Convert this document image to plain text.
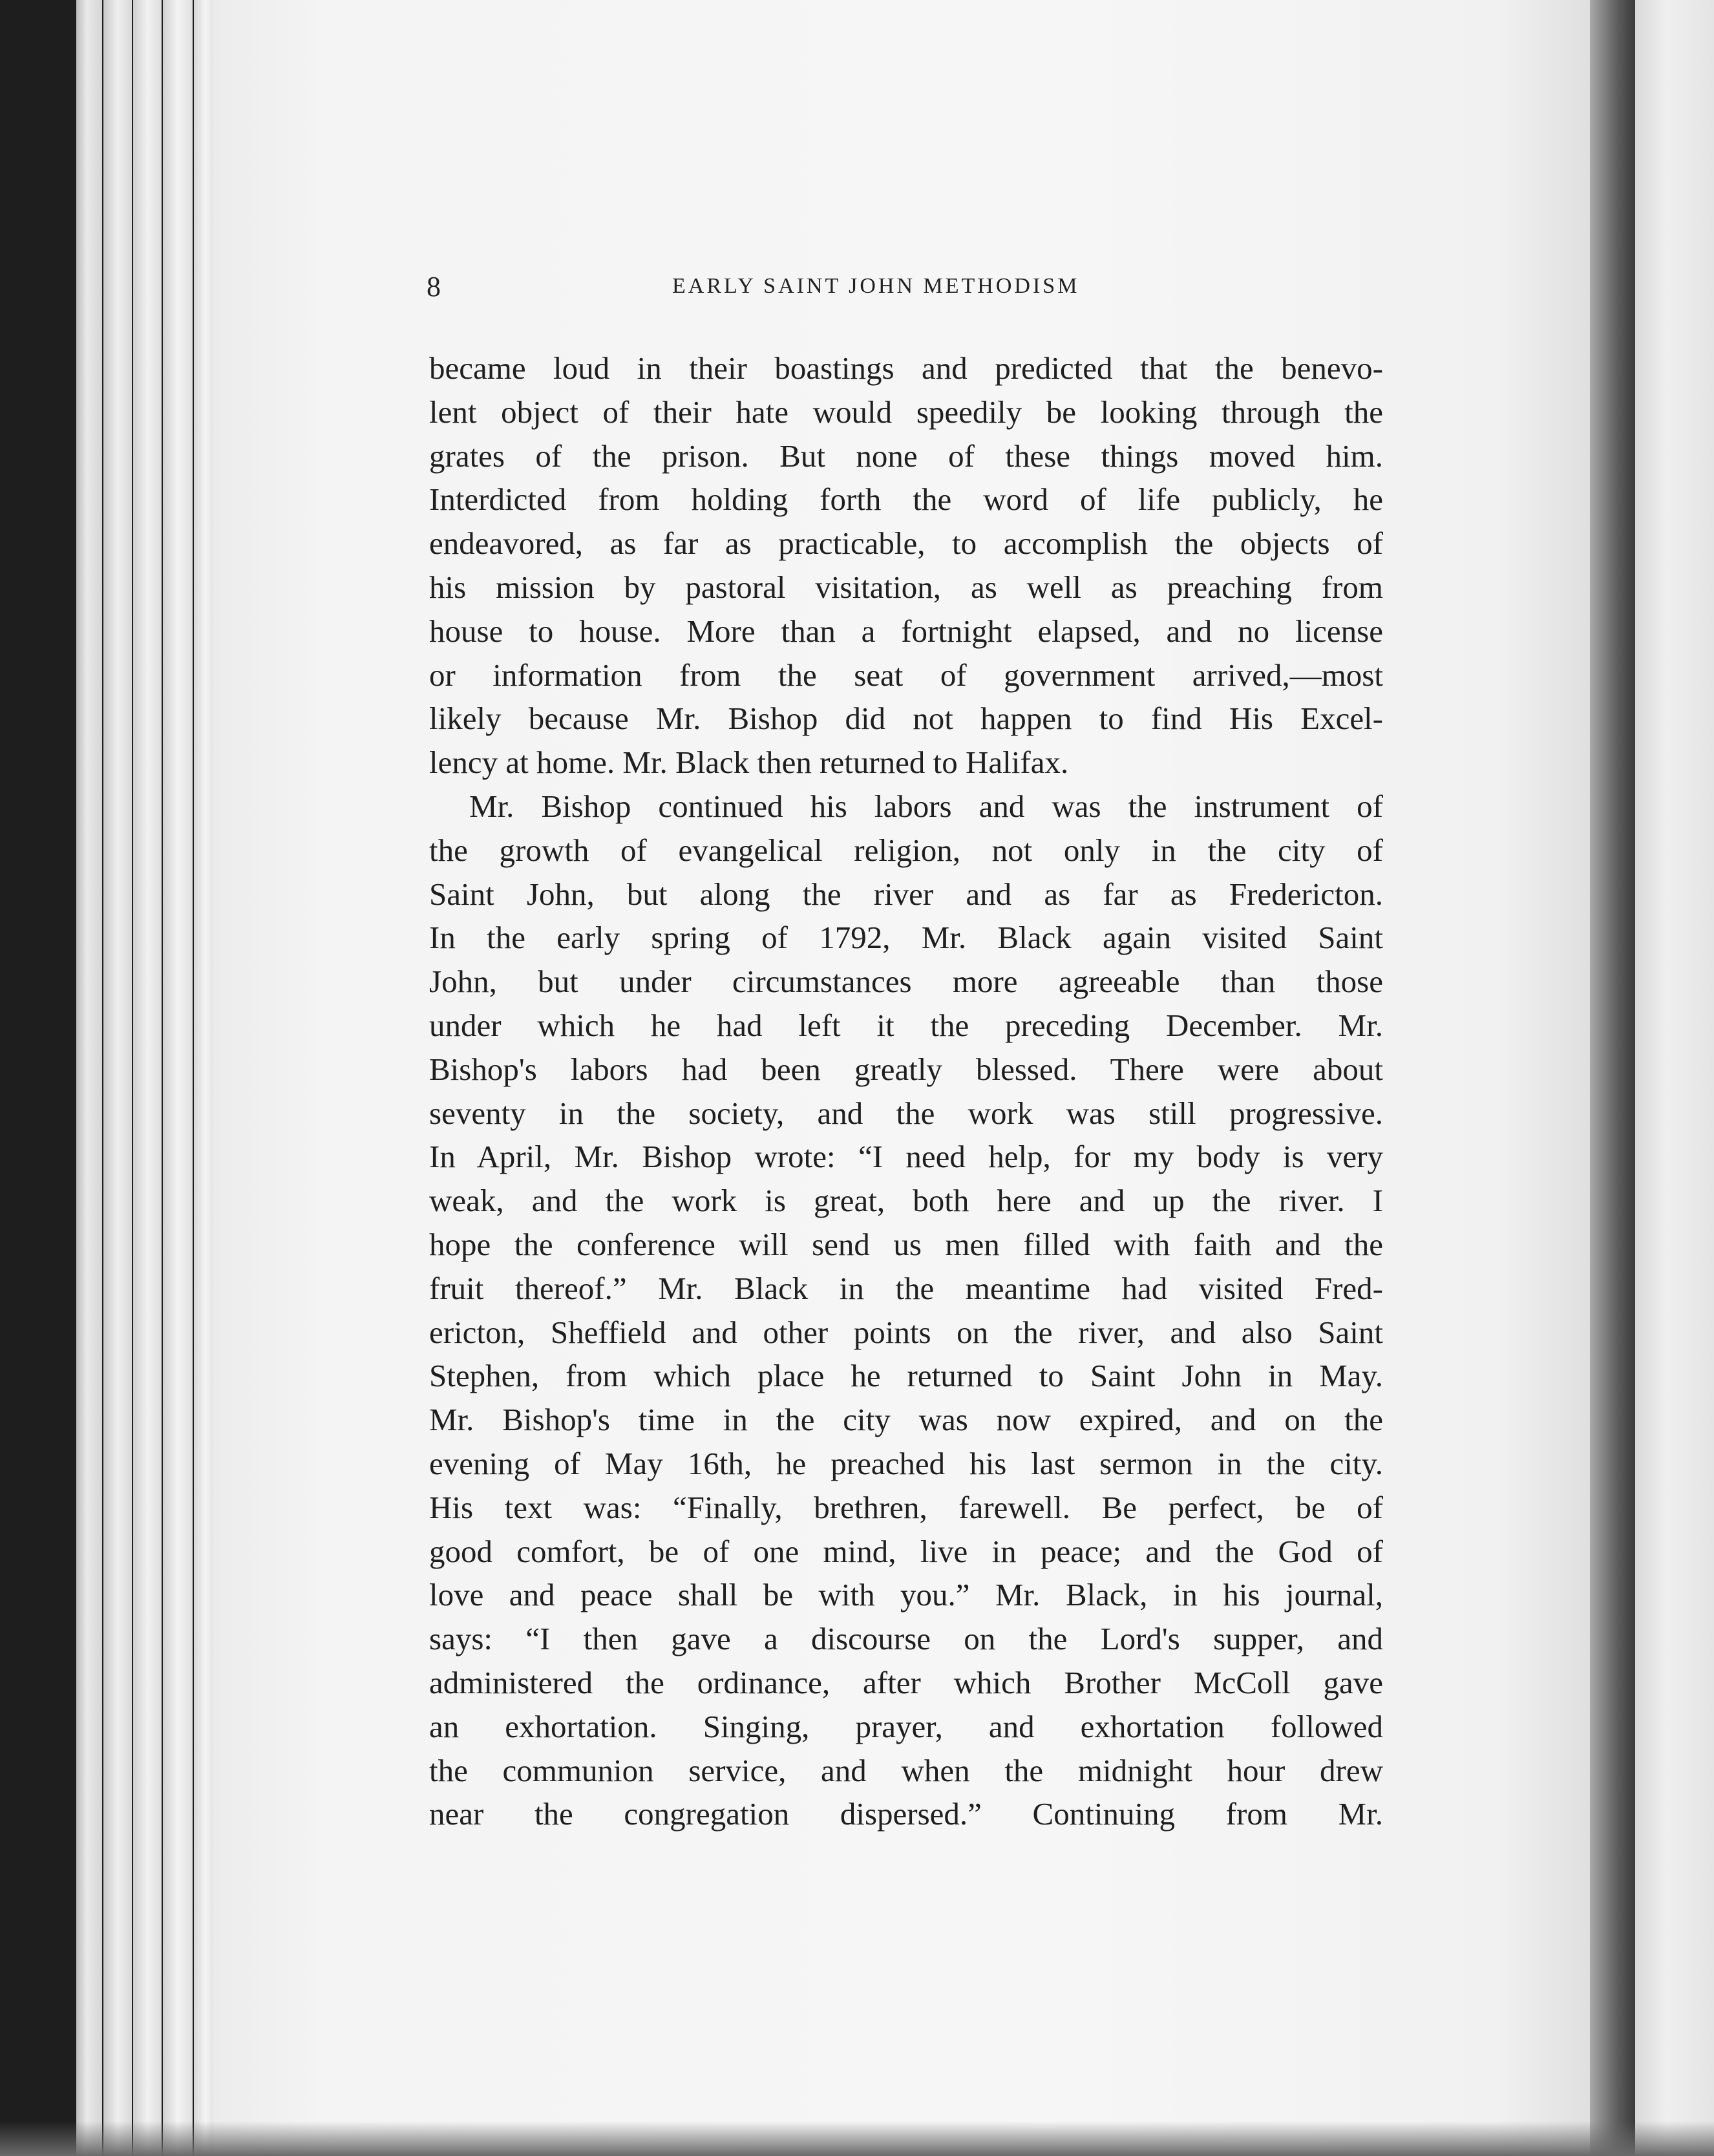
8	EARLY SAINT JOHN METHODISM
became loud in their boastings and predicted that the benevo-
lent object of their hate would speedily be looking through the
grates of the prison. But none of these things moved him.
Interdicted from holding forth the word of life publicly, he
endeavored, as far as practicable, to accomplish the objects of
his mission by pastoral visitation, as well as preaching from
house to house. More than a fortnight elapsed, and no license
or information from the seat of government arrived,—most
likely because Mr. Bishop did not happen to find His Excel-
lency at home. Mr. Black then returned to Halifax.
Mr. Bishop continued his labors and was the instrument of
the growth of evangelical religion, not only in the city of
Saint John, but along the river and as far as Fredericton.
In the early spring of 1792, Mr. Black again visited Saint
John, but under circumstances more agreeable than those
under which he had left it the preceding December. Mr.
Bishop's labors had been greatly blessed. There were about
seventy in the society, and the work was still progressive.
In April, Mr. Bishop wrote: “I need help, for my body is very
weak, and the work is great, both here and up the river. I
hope the conference will send us men filled with faith and the
fruit thereof.” Mr. Black in the meantime had visited Fred-
ericton, Sheffield and other points on the river, and also Saint
Stephen, from which place he returned to Saint John in May.
Mr. Bishop's time in the city was now expired, and on the
evening of May 16th, he preached his last sermon in the city.
His text was: “Finally, brethren, farewell. Be perfect, be of
good comfort, be of one mind, live in peace; and the God of
love and peace shall be with you.” Mr. Black, in his journal,
says: “I then gave a discourse on the Lord's supper, and
administered the ordinance, after which Brother McColl gave
an exhortation. Singing, prayer, and exhortation followed
the communion service, and when the midnight hour drew
near the congregation dispersed.” Continuing from Mr.
